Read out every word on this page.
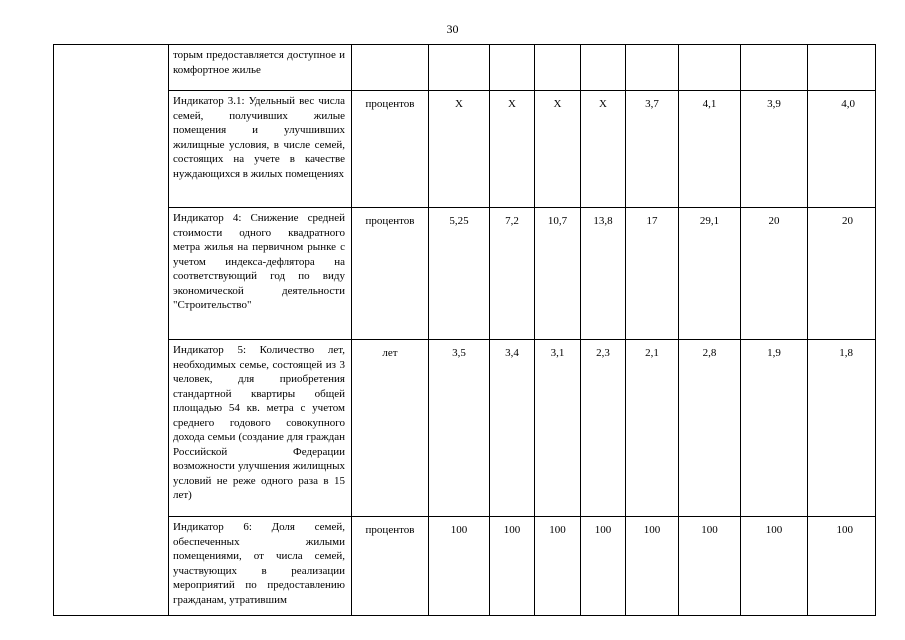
30
	торым предоставляется доступное и комфортное жилье									
	Индикатор 3.1: Удельный вес числа семей, получивших жилые помещения и улучшивших жилищные условия, в числе семей, состоящих на учете в качестве нуждающихся в жилых помещениях	процентов	Х	Х	Х	Х	3,7	4,1	3,9	4,0
	Индикатор 4: Снижение средней стоимости одного квадратного метра жилья на первичном рынке с учетом индекса-дефлятора на соответствующий год по виду экономической деятельности "Строительство"	процентов	5,25	7,2	10,7	13,8	17	29,1	20	20
	Индикатор 5: Количество лет, необходимых семье, состоящей из 3 человек, для приобретения стандартной квартиры общей площадью 54 кв. метра с учетом среднего годового совокупного дохода семьи (создание для граждан Российской Федерации возможности улучшения жилищных условий не реже одного раза в 15 лет)	лет	3,5	3,4	3,1	2,3	2,1	2,8	1,9	1,8
	Индикатор 6: Доля семей, обеспеченных жилыми помещениями, от числа семей, участвующих в реализации мероприятий по предоставлению гражданам, утратившим	процентов	100	100	100	100	100	100	100	100
